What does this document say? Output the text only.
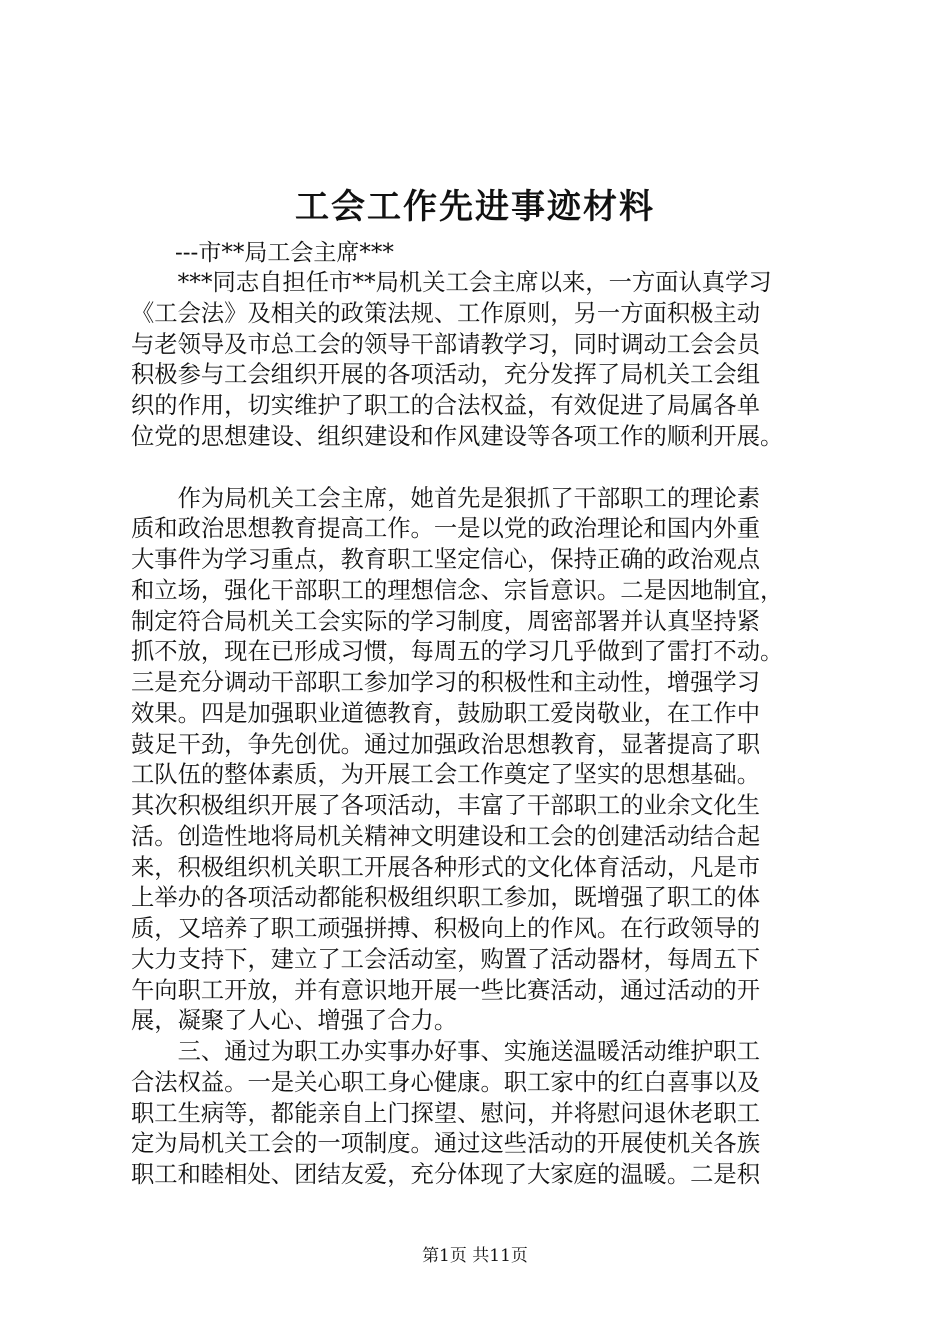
工会工作先进事迹材料
---市**局工会主席***
　　***同志自担任市**局机关工会主席以来，一方面认真学习
《工会法》及相关的政策法规、工作原则，另一方面积极主动
与老领导及市总工会的领导干部请教学习，同时调动工会会员
积极参与工会组织开展的各项活动，充分发挥了局机关工会组
织的作用，切实维护了职工的合法权益，有效促进了局属各单
位党的思想建设、组织建设和作风建设等各项工作的顺利开展。
　　作为局机关工会主席，她首先是狠抓了干部职工的理论素
质和政治思想教育提高工作。一是以党的政治理论和国内外重
大事件为学习重点，教育职工坚定信心，保持正确的政治观点
和立场，强化干部职工的理想信念、宗旨意识。二是因地制宜，
制定符合局机关工会实际的学习制度，周密部署并认真坚持紧
抓不放，现在已形成习惯，每周五的学习几乎做到了雷打不动。
三是充分调动干部职工参加学习的积极性和主动性，增强学习
效果。四是加强职业道德教育，鼓励职工爱岗敬业，在工作中
鼓足干劲，争先创优。通过加强政治思想教育，显著提高了职
工队伍的整体素质，为开展工会工作奠定了坚实的思想基础。
其次积极组织开展了各项活动，丰富了干部职工的业余文化生
活。创造性地将局机关精神文明建设和工会的创建活动结合起
来，积极组织机关职工开展各种形式的文化体育活动，凡是市
上举办的各项活动都能积极组织职工参加，既增强了职工的体
质，又培养了职工顽强拼搏、积极向上的作风。在行政领导的
大力支持下，建立了工会活动室，购置了活动器材，每周五下
午向职工开放，并有意识地开展一些比赛活动，通过活动的开
展，凝聚了人心、增强了合力。
　　三、通过为职工办实事办好事、实施送温暖活动维护职工
合法权益。一是关心职工身心健康。职工家中的红白喜事以及
职工生病等，都能亲自上门探望、慰问，并将慰问退休老职工
定为局机关工会的一项制度。通过这些活动的开展使机关各族
职工和睦相处、团结友爱，充分体现了大家庭的温暖。二是积
第1页 共11页
